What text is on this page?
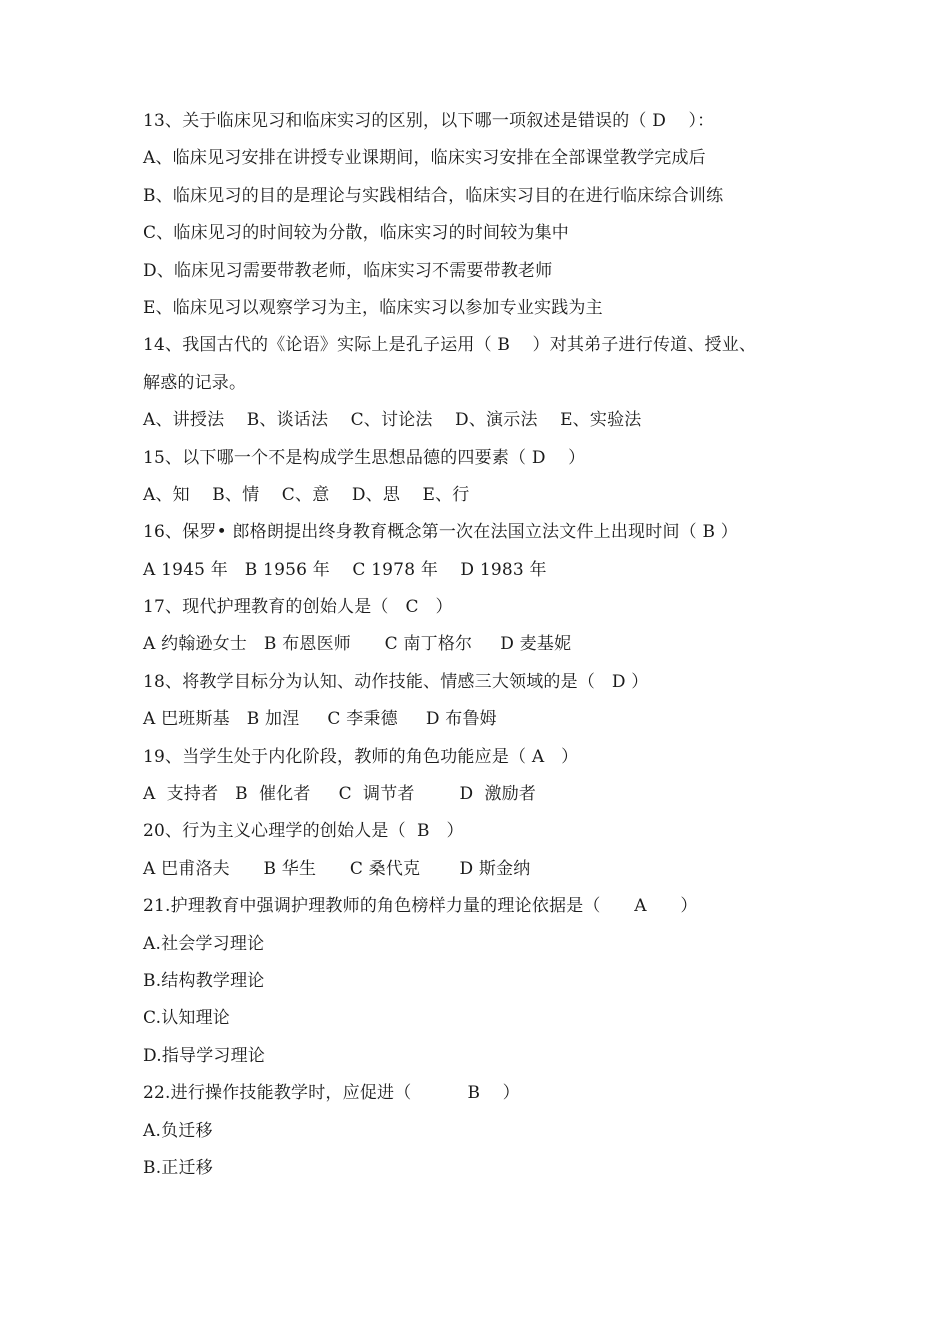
13、关于临床见习和临床实习的区别，以下哪一项叙述是错误的（ D    ）：
A、临床见习安排在讲授专业课期间，临床实习安排在全部课堂教学完成后
B、临床见习的目的是理论与实践相结合，临床实习目的在进行临床综合训练
C、临床见习的时间较为分散，临床实习的时间较为集中
D、临床见习需要带教老师，临床实习不需要带教老师
E、临床见习以观察学习为主，临床实习以参加专业实践为主
14、我国古代的《论语》实际上是孔子运用（ B    ）对其弟子进行传道、授业、
解惑的记录。
A、讲授法    B、谈话法    C、讨论法    D、演示法    E、实验法
15、以下哪一个不是构成学生思想品德的四要素（ D    ）
A、知    B、情    C、意    D、思    E、行
16、保罗• 郎格朗提出终身教育概念第一次在法国立法文件上出现时间（ B ）
A 1945 年   B 1956 年    C 1978 年    D 1983 年
17、现代护理教育的创始人是（   C   ）
A 约翰逊女士   B 布恩医师      C 南丁格尔     D 麦基妮
18、将教学目标分为认知、动作技能、情感三大领域的是（   D ）
A 巴班斯基   B 加涅     C 李秉德     D 布鲁姆
19、当学生处于内化阶段，教师的角色功能应是（ A   ）
A  支持者   B  催化者     C  调节者        D  激励者
20、行为主义心理学的创始人是（  B   ）
A 巴甫洛夫      B 华生      C 桑代克       D 斯金纳
21.护理教育中强调护理教师的角色榜样力量的理论依据是（      A      ）
A.社会学习理论
B.结构教学理论
C.认知理论
D.指导学习理论
22.进行操作技能教学时，应促进（          B    ）
A.负迁移
B.正迁移
